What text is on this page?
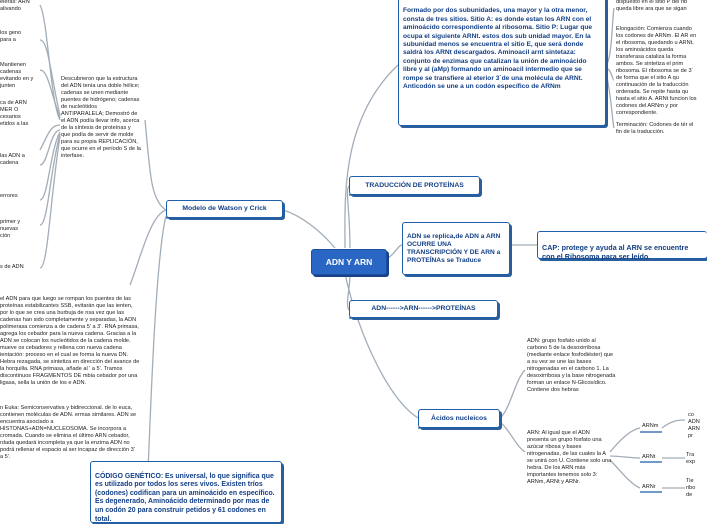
ADN Y ARN
Modelo de Watson y Crick
TRADUCCIÓN DE PROTEÍNAS

ADN se replica,de ADN a ARN OCURRE UNA TRANSCRIPCIÓN Y DE ARN a PROTEÍNAs se Traduce

ADN------>ARN------>PROTEÍNAS
Ácidos nucleicos

CÓDIGO GENÉTICO: Es universal, lo que significa que es utilizado por todos los seres vivos. Existen tríos (codones) codifican para un aminoácido en específico. Es degenerado, Aminoácido determinado por mas de un codón 20 para construir petidos y 61 codones en total.

Formado por dos subunidades, una mayor y la otra menor, consta de tres sitios. Sitio A: es donde estan los ARN con el aminoácido correspondiente al ribosoma. Sitio P: Lugar que ocupa el siguiente ARNt. estos dos sub unidad mayor. En la subunidad menos se encuentra el sitio E, que será donde saldrá los ARNt descargados. Aminoacil arnt sintetaza: conjunto de enzimas que catalizan la unión de aminoácido libre y al (aMp) formando un aminoacil intermedio que se rompe se transfiere al eterior 3´de una molécula de ARNt. Anticodón se une a un codón específico de ARNm

CAP: protege y ayuda al ARN se encuentre con el Ribosoma para ser leído.

Descubrieron que la estructura del ADN tenía una doble hélice; cadenas se unen mediante puentes de hidrógeno; cadenas de nucleótidos ANTIPARALELA; Demostró de el ADN podía llevar info, acerca de la síntesis de proteínas y que podía de servir de molde para su propia REPLICACIÓN, que ocurre en el período S de la interfase.
ADN: grupo fosfato unido al carbono 5 de la desoxirribosa (mediante enlace fosfodiéster) que a su vez se une las bases nitrogenadas en el carbono 1. La desoxirribosa y la base nitrogenada forman un enlace N-Glicosídico. Contiene dos hebras
ARN: Al igual que el ADN presenta un grupo fosfato una azúcar ribosa y bases nitrogenadas, de las cuales la A se unirá con U. Contiene solo una hebra. De los ARN más importantes tenemos solo 3: ARNm, ARNt y ARNr.
el ADN para que luego se rompan los puentes de las proteínas estabilizantes SSB, evitarán que las ienten, por lo que se crea una burbuja de nsa vez que las cadenas han sido completamente y separadas, la ADN polimerasa comienza a de cadena 5' a 3'. RNA primasa, agrega los cebador para la nueva cadena. Gracias a la ADN se colocan los nucleótidos de la cadena molde. mueve os cebadores y rellena con nueva cadena ientación: proceso en el cual se forma la nueva DN. Hebra rezagada, se sintetiza en dirección del avance de la horquilla. RNA primasa, añade al ' a 5'. Tramos discontinuos FRAGMENTOS DE mbia cebador por una ligasa, sella la unión de los e ADN.
n Euka: Semiconservativa y bidireccional. de lo euca, contienen moléculas de ADN. ermas similares. ADN se encuentra asociado a HISTONAS+ADN=NUCLEOSOMA. Se incorpora a cromada. Cuando se elimina el último ARN cebador, rdada quedará incompleta ya que la enzima ADN no podrá rellenar el espacio al ser incapaz de dirección 3' a 5'.
Elongación: Comienza cuando los codones de ARNm. El AR en el ribosoma, quedando u ARNt, los aminoácidos queda transferasa cataliza la forma ambos. Se sintetiza el prim ribosoma. El ribosoma se de 3´ de forma que el sitio A qu continuación de la traducción ordenada. Se repite hasta qu hasta el sitio A. ARNt funcion los codones del ARNm y por correspondiente.
Terminación: Codones de tér el fin de la traducción.
dispuesto en el sitio P del rib queda libre ara que se sigan
ARNm
ARNt
ARNr
co ADN ARN pr
Tra exp
Tie ribo de
Mantienen cadenas evitando en y junten
ca de ARN MER O cesarios etidos a las
las ADN a cadena
errores
primer y nuevas ción
s de ADN
los geno para a
eleras: ARN alivando
